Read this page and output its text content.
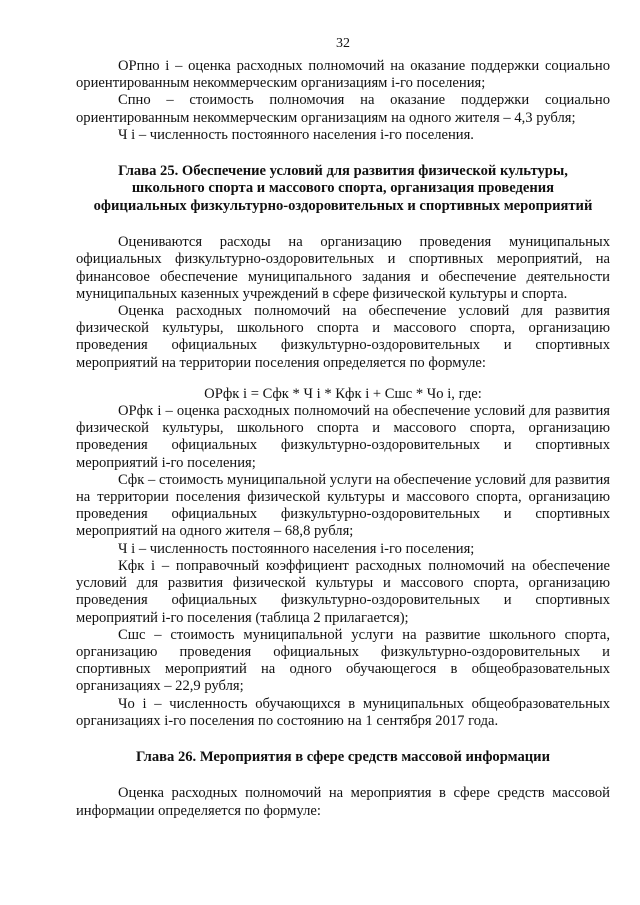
32

ОРпно i – оценка расходных полномочий на оказание поддержки социально ориентированным некоммерческим организациям i-го поселения;

Спно – стоимость полномочия на оказание поддержки социально ориентированным некоммерческим организациям на одного жителя – 4,3 рубля;

Ч i – численность постоянного населения i-го поселения.

Глава 25. Обеспечение условий для развития физической культуры, школьного спорта и массового спорта, организация проведения официальных физкультурно-оздоровительных и спортивных мероприятий

Оцениваются расходы на организацию проведения муниципальных официальных физкультурно-оздоровительных и спортивных мероприятий, на финансовое обеспечение муниципального задания и обеспечение деятельности муниципальных казенных учреждений в сфере физической культуры и спорта.

Оценка расходных полномочий на обеспечение условий для развития физической культуры, школьного спорта и массового спорта, организацию проведения официальных физкультурно-оздоровительных и спортивных мероприятий на территории поселения определяется по формуле:

ОРфк i = Сфк * Ч i * Кфк i + Сшс * Чо i, где:

ОРфк i – оценка расходных полномочий на обеспечение условий для развития физической культуры, школьного спорта и массового спорта, организацию проведения официальных физкультурно-оздоровительных и спортивных мероприятий i-го поселения;

Сфк – стоимость муниципальной услуги на обеспечение условий для развития на территории поселения физической культуры и массового спорта, организацию проведения официальных физкультурно-оздоровительных и спортивных мероприятий на одного жителя – 68,8 рубля;

Ч i – численность постоянного населения i-го поселения;

Кфк i – поправочный коэффициент расходных полномочий на обеспечение условий для развития физической культуры и массового спорта, организацию проведения официальных физкультурно-оздоровительных и спортивных мероприятий i-го поселения (таблица 2 прилагается);

Сшс – стоимость муниципальной услуги на развитие школьного спорта, организацию проведения официальных физкультурно-оздоровительных и спортивных мероприятий на одного обучающегося в общеобразовательных организациях – 22,9 рубля;

Чо i – численность обучающихся в муниципальных общеобразовательных организациях i-го поселения по состоянию на 1 сентября 2017 года.

Глава 26. Мероприятия в сфере средств массовой информации

Оценка расходных полномочий на мероприятия в сфере средств массовой информации определяется по формуле:
